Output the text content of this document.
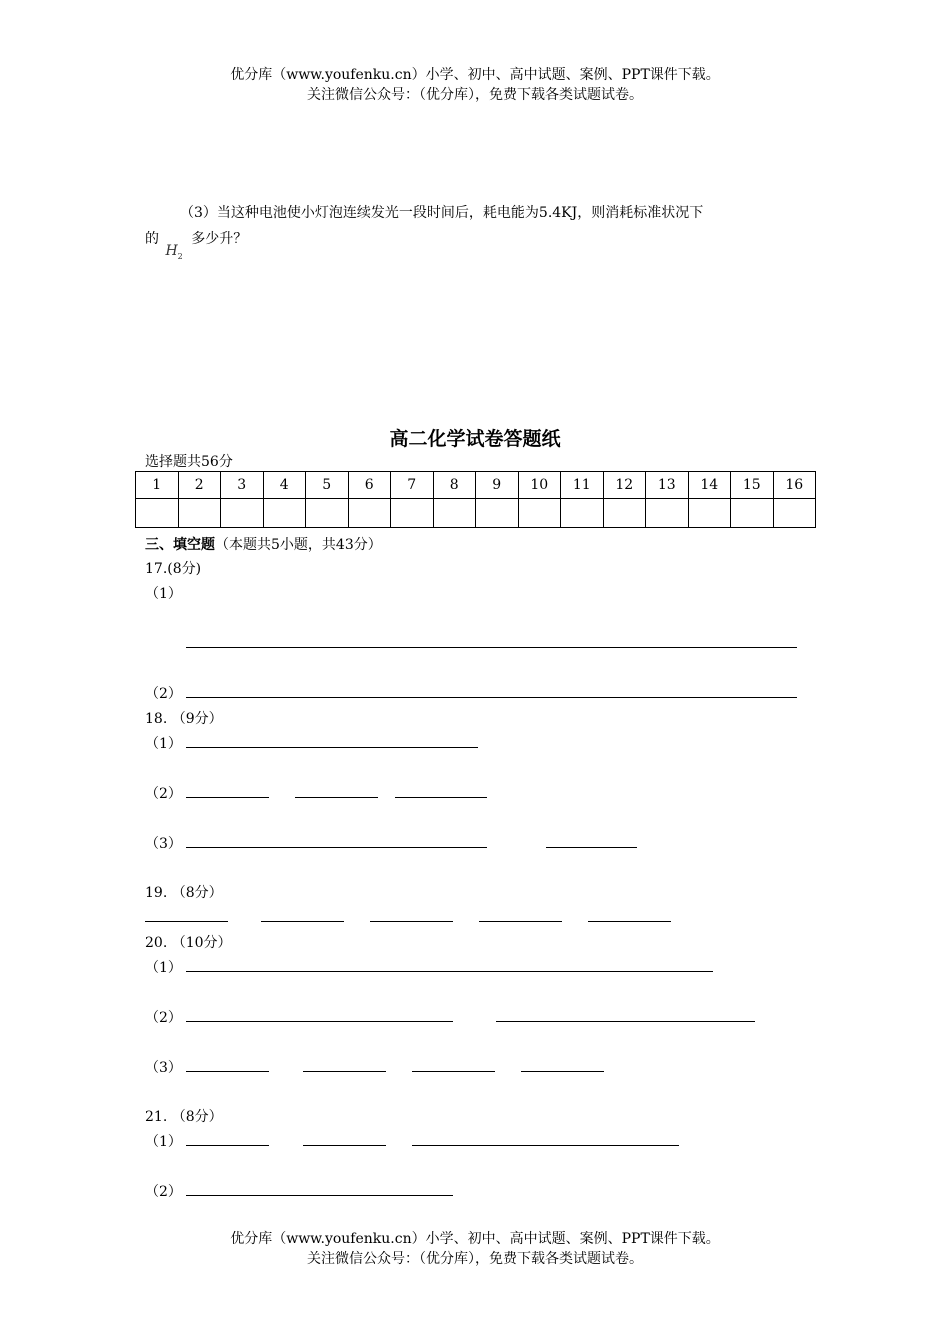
优分库（www.youfenku.cn）小学、初中、高中试题、案例、PPT课件下载。
关注微信公众号：（优分库），免费下载各类试题试卷。
（3）当这种电池使小灯泡连续发光一段时间后，耗电能为5.4KJ，则消耗标准状况下
的 $H_2$ 多少升？
高二化学试卷答题纸
选择题共56分
1	2	3	4	5	6	7	8	9	10	11	12	13	14	15	16

三、填空题（本题共5小题，共43分）
17.(8分)
（1）
（2）
18. （9分）
（1）
（2）
（3）
19. （8分）
20. （10分）
（1）
（2）
（3）
21. （8分）
（1）
（2）
优分库（www.youfenku.cn）小学、初中、高中试题、案例、PPT课件下载。
关注微信公众号：（优分库），免费下载各类试题试卷。
